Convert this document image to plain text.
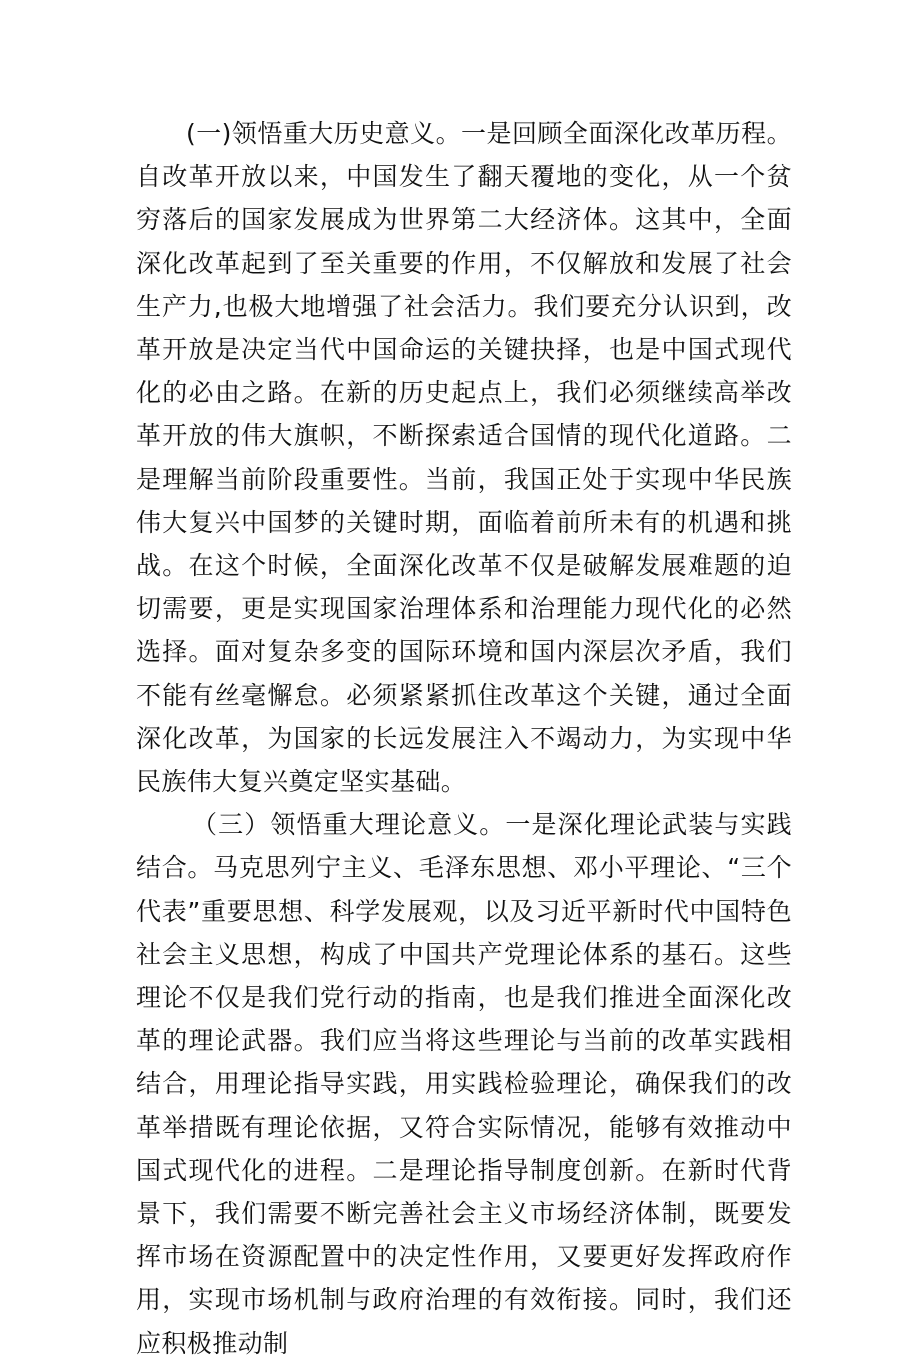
(一)领悟重大历史意义。一是回顾全面深化改革历程。自改革开放以来，中国发生了翻天覆地的变化，从一个贫穷落后的国家发展成为世界第二大经济体。这其中，全面深化改革起到了至关重要的作用，不仅解放和发展了社会生产力,也极大地增强了社会活力。我们要充分认识到，改革开放是决定当代中国命运的关键抉择，也是中国式现代化的必由之路。在新的历史起点上，我们必须继续高举改革开放的伟大旗帜，不断探索适合国情的现代化道路。二是理解当前阶段重要性。当前，我国正处于实现中华民族伟大复兴中国梦的关键时期，面临着前所未有的机遇和挑战。在这个时候，全面深化改革不仅是破解发展难题的迫切需要，更是实现国家治理体系和治理能力现代化的必然选择。面对复杂多变的国际环境和国内深层次矛盾，我们不能有丝毫懈怠。必须紧紧抓住改革这个关键，通过全面深化改革，为国家的长远发展注入不竭动力，为实现中华民族伟大复兴奠定坚实基础。

（三）领悟重大理论意义。一是深化理论武装与实践结合。马克思列宁主义、毛泽东思想、邓小平理论、“三个代表”重要思想、科学发展观，以及习近平新时代中国特色社会主义思想，构成了中国共产党理论体系的基石。这些理论不仅是我们党行动的指南，也是我们推进全面深化改革的理论武器。我们应当将这些理论与当前的改革实践相结合，用理论指导实践，用实践检验理论，确保我们的改革举措既有理论依据，又符合实际情况，能够有效推动中国式现代化的进程。二是理论指导制度创新。在新时代背景下，我们需要不断完善社会主义市场经济体制，既要发挥市场在资源配置中的决定性作用，又要更好发挥政府作用，实现市场机制与政府治理的有效衔接。同时，我们还应积极推动制
